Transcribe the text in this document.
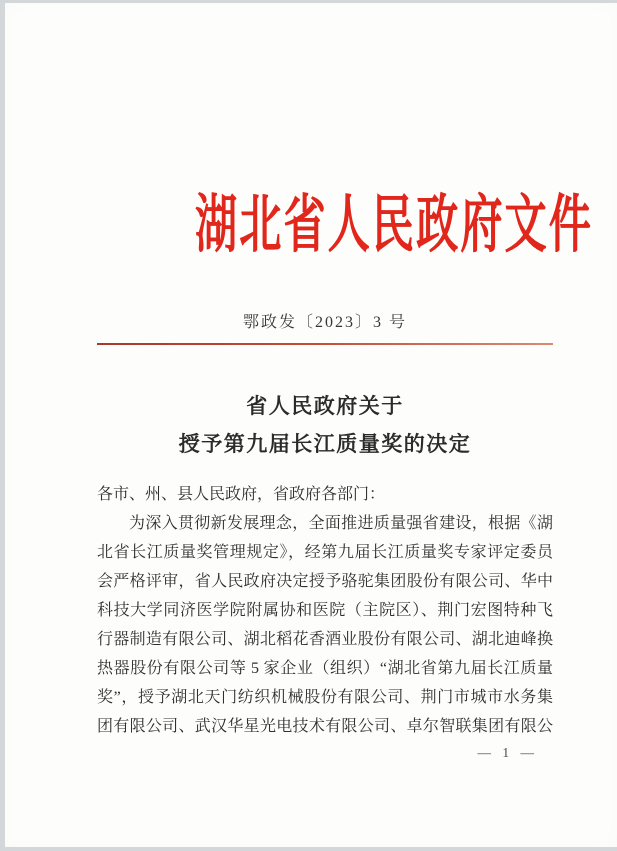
湖北省人民政府文件
鄂政发〔2023〕3 号
省人民政府关于
授予第九届长江质量奖的决定
各市、州、县人民政府，省政府各部门：
为深入贯彻新发展理念，全面推进质量强省建设，根据《湖
北省长江质量奖管理规定》，经第九届长江质量奖专家评定委员
会严格评审，省人民政府决定授予骆驼集团股份有限公司、华中
科技大学同济医学院附属协和医院（主院区）、荆门宏图特种飞
行器制造有限公司、湖北稻花香酒业股份有限公司、湖北迪峰换
热器股份有限公司等 5 家企业（组织）“湖北省第九届长江质量
奖”，授予湖北天门纺织机械股份有限公司、荆门市城市水务集
团有限公司、武汉华星光电技术有限公司、卓尔智联集团有限公
— 1 —
